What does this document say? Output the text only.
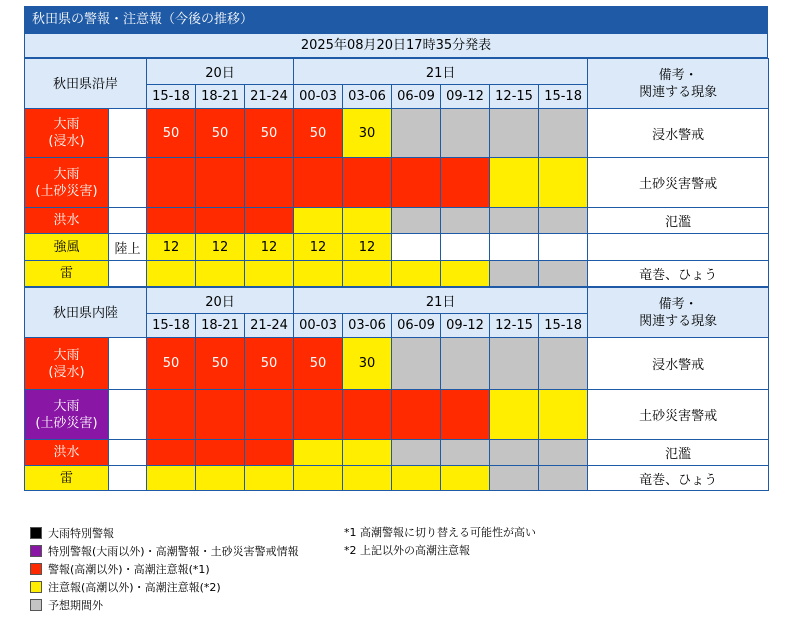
秋田県の警報・注意報（今後の推移）
2025年08月20日17時35分発表
秋田県沿岸		20日			21日						備考・
関連する現象
		15-18	18-21	21-24	00-03	03-06	06-09	09-12	12-15	15-18	
大雨
(浸水)		50	50	50	50	30					浸水警戒
大雨
(土砂災害)											土砂災害警戒
洪水											氾濫
強風	陸上	12	12	12	12	12					
雷											竜巻、ひょう
秋田県内陸		20日			21日						備考・
関連する現象
		15-18	18-21	21-24	00-03	03-06	06-09	09-12	12-15	15-18	
大雨
(浸水)		50	50	50	50	30					浸水警戒
大雨
(土砂災害)											土砂災害警戒
洪水											氾濫
雷											竜巻、ひょう
大雨特別警報
特別警報(大雨以外)・高潮警報・土砂災害警戒情報
警報(高潮以外)・高潮注意報(*1)
注意報(高潮以外)・高潮注意報(*2)
予想期間外
*1 高潮警報に切り替える可能性が高い
*2 上記以外の高潮注意報
